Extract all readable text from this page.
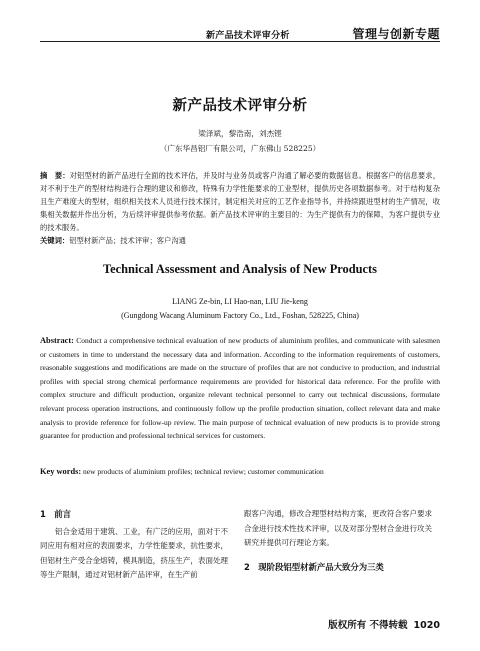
新产品技术评审分析	管理与创新专题
新产品技术评审分析
梁泽斌，黎浩南，刘杰铿
（广东华昌铝厂有限公司，广东佛山 528225）
摘　要：对铝型材的新产品进行全面的技术评估，并及时与业务员或客户沟通了解必要的数据信息。根据客户的信息要求，对不利于生产的型材结构进行合理的建议和修改，特殊有力学性能要求的工业型材，提供历史各项数据参考。对于结构复杂且生产难度大的型材，组织相关技术人员进行技术探讨，制定相关对应的工艺作业指导书，并持续跟进型材的生产情况，收集相关数据并作出分析，为后续评审提供参考依据。新产品技术评审的主要目的：为生产提供有力的保障，为客户提供专业的技术服务。
关键词：铝型材新产品；技术评审；客户沟通
Technical Assessment and Analysis of New Products
LIANG Ze-bin, LI Hao-nan, LIU Jie-keng
(Gungdong Wacang Aluminum Factory Co., Ltd., Foshan, 528225, China)
Abstract: Conduct a comprehensive technical evaluation of new products of aluminium profiles, and communicate with salesmen or customers in time to understand the necessary data and information. According to the information requirements of customers, reasonable suggestions and modifications are made on the structure of profiles that are not conducive to production, and industrial profiles with special strong chemical performance requirements are provided for historical data reference. For the profile with complex structure and difficult production, organize relevant technical personnel to carry out technical discussions, formulate relevant process operation instructions, and continuously follow up the profile production situation, collect relevant data and make analysis to provide reference for follow-up review. The main purpose of technical evaluation of new products is to provide strong guarantee for production and professional technical services for customers.
Key words: new products of aluminium profiles; technical review; customer communication
1　前言
铝合金适用于建筑、工业，有广泛的应用，面对于不同应用有相对应的表面要求，力学性能要求，抗性要求，但铝材生产受合金熔铸，模具制造，挤压生产，表面处理等生产限制，通过对铝材新产品评审，在生产前
跟客户沟通，修改合理型材结构方案，更改符合客户要求合金进行技术性技术评审，以及对部分型材合金进行攻关研究并提供可行理论方案。
2　现阶段铝型材新产品大致分为三类
版权所有 不得转载 1020
